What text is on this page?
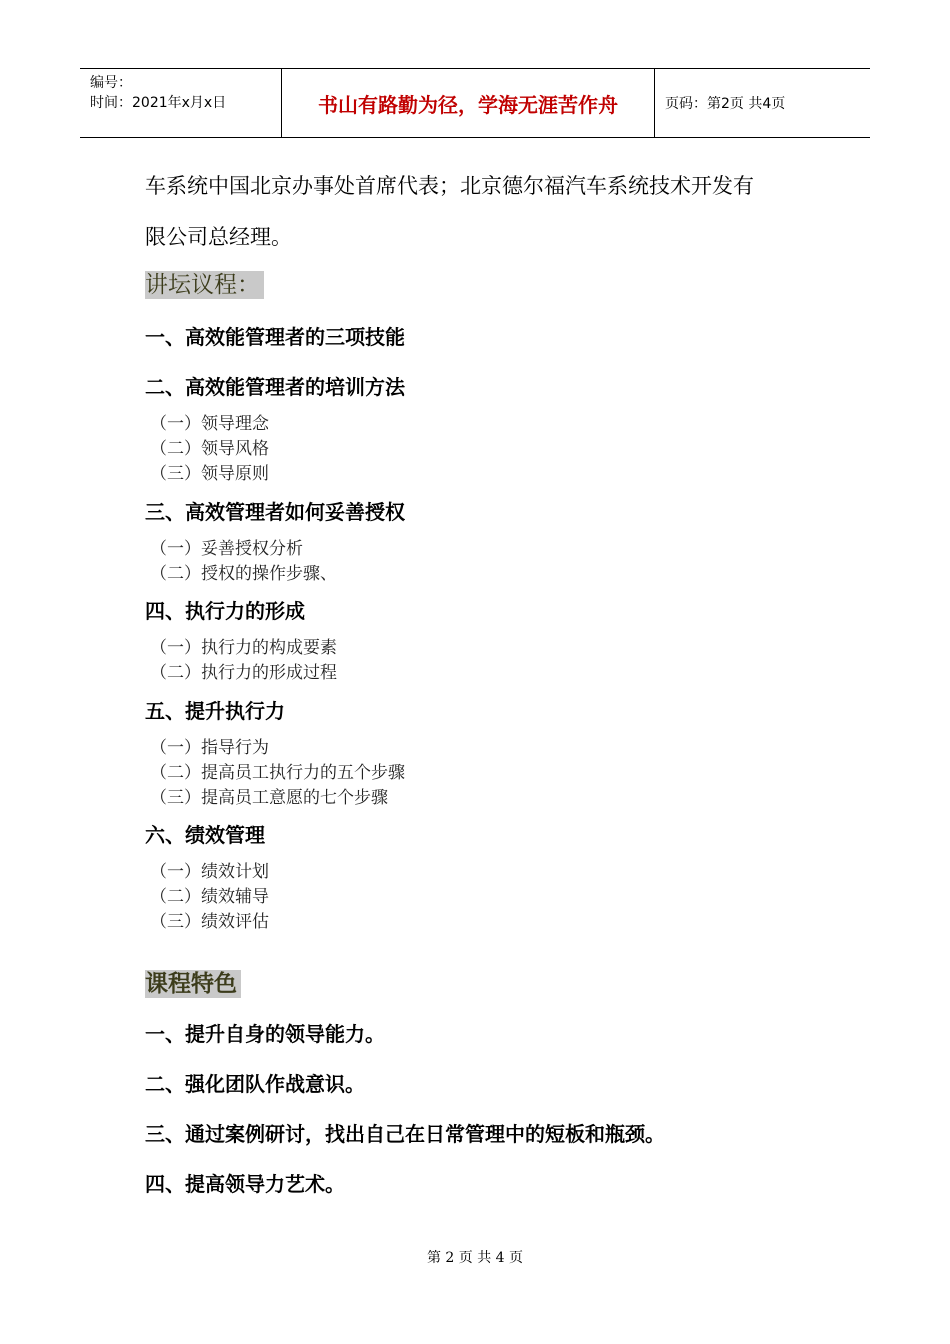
编号：
时间：2021年x月x日	书山有路勤为径，学海无涯苦作舟	页码：第2页 共4页
车系统中国北京办事处首席代表；北京德尔福汽车系统技术开发有
限公司总经理。
讲坛议程：
一、高效能管理者的三项技能
二、高效能管理者的培训方法
（一）领导理念
（二）领导风格
（三）领导原则
三、高效管理者如何妥善授权
（一）妥善授权分析
（二）授权的操作步骤、
四、执行力的形成
（一）执行力的构成要素
（二）执行力的形成过程
五、提升执行力
（一）指导行为
（二）提高员工执行力的五个步骤
（三）提高员工意愿的七个步骤
六、绩效管理
（一）绩效计划
（二）绩效辅导
（三）绩效评估
课程特色
一、提升自身的领导能力。
二、强化团队作战意识。
三、通过案例研讨，找出自己在日常管理中的短板和瓶颈。
四、提高领导力艺术。
第 2 页 共 4 页
